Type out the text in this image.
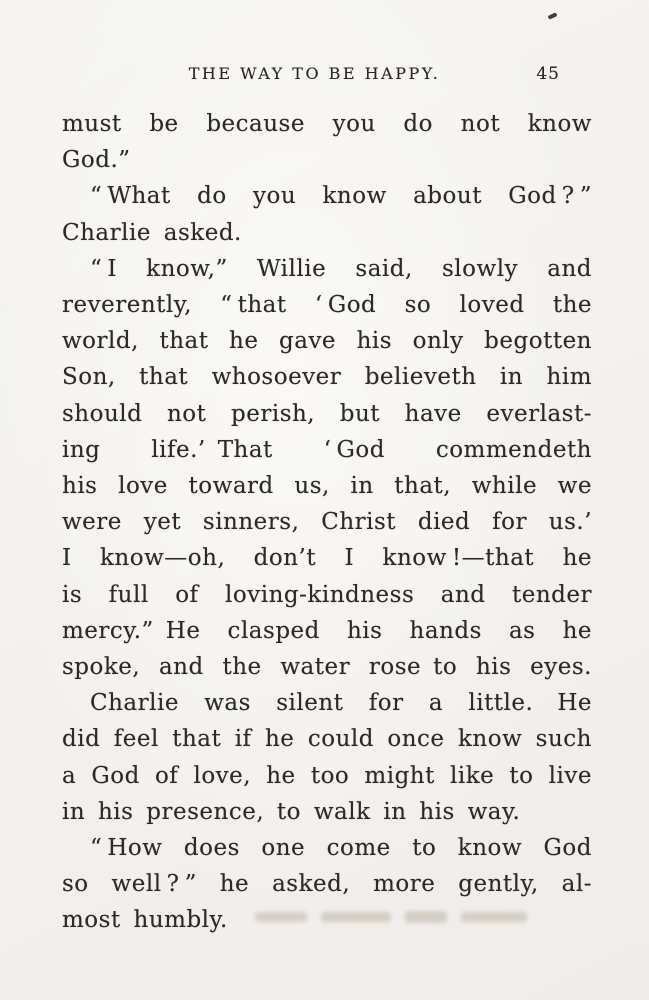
THE WAY TO BE HAPPY.	45
must be because you do not know
God.”
“ What do you know about God ? ”
Charlie asked.
“ I know,” Willie said, slowly and
reverently, “ that ‘ God so loved the
world, that he gave his only begotten
Son, that whosoever believeth in him
should not perish, but have everlast-
ing life.’ That ‘ God commendeth
his love toward us, in that, while we
were yet sinners, Christ died for us.’
I know—oh, don’t I know !—that he
is full of loving-kindness and tender
mercy.” He clasped his hands as he
spoke, and the water rose to his eyes.
Charlie was silent for a little.  He
did feel that if he could once know such
a God of love, he too might like to live
in his presence, to walk in his way.
“ How does one come to know God
so well ? ” he asked, more gently, al-
most humbly.
